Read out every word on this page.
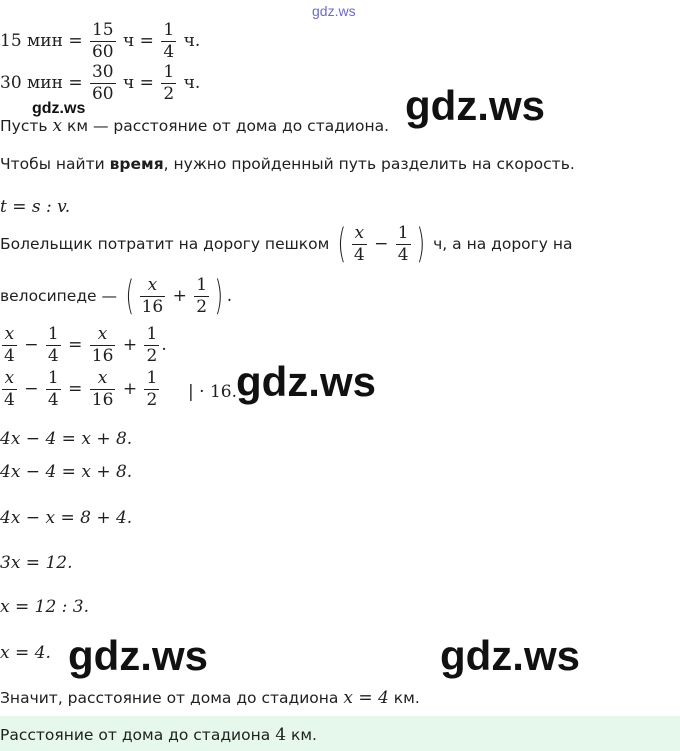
gdz.ws
15 мин = $\frac{15}{60}$ $ч = \frac{1}{4} ч$.
30 мин = $\frac{30}{60}$ $ч = \frac{1}{2} ч$.
gdz.ws	gdz.ws
Пусть x км — расстояние от дома до стадиона.
Чтобы найти время, нужно пройденный путь разделить на скорость.
t = s : v.
Болельщик потратит на дорогу пешком
( $\frac{x}{4} - \frac{1}{4}$ )
ч, а на дорогу на
велосипеде —
( $\frac{x}{16} + \frac{1}{2}$ ) .
$\frac{x}{4} - \frac{1}{4} = \frac{x}{16} + \frac{1}{2}$ .
$\frac{x}{4} - \frac{1}{4} = \frac{x}{16} + \frac{1}{2}$ | · 16. gdz.ws
4x − 4 = x + 8.
4x − 4 = x + 8.
4x − x = 8 + 4.
3x = 12.
x = 12 : 3.
x = 4. gdz.ws	gdz.ws
Значит, расстояние от дома до стадиона x = 4 км.
Расстояние от дома до стадиона 4 км.
